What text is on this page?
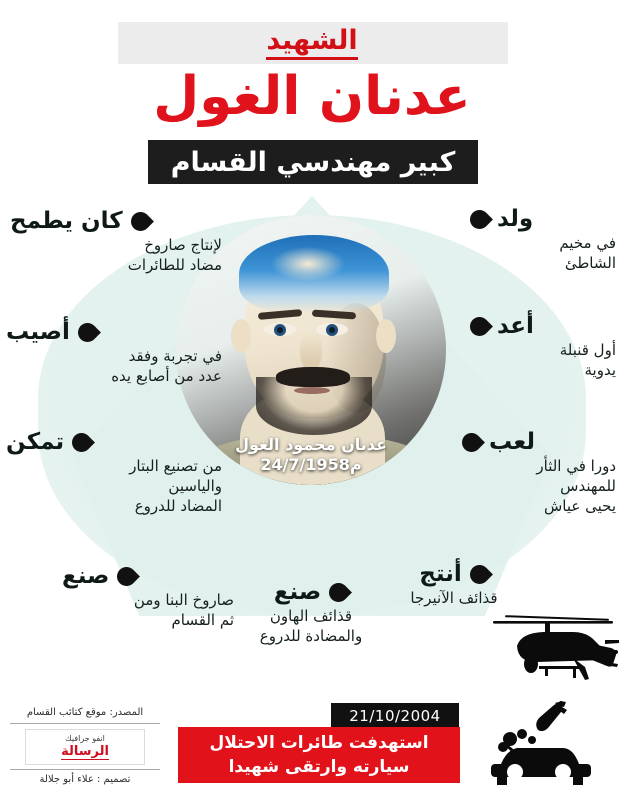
الشهيد
عدنان الغول
كبير مهندسي القسام
عدنان محمود الغول
24/7/1958م
ولد
في مخيم
الشاطئ
أعد
أول قنبلة
يدوية
لعب
دورا في الثأر
للمهندس
يحيى عياش
كان يطمح
لإنتاج صاروخ
مضاد للطائرات
أصيب
في تجربة وفقد
عدد من أصابع يده
تمكن
من تصنيع البتار
والياسين
المضاد للدروع
صنع
صاروخ البنا ومن
ثم القسام
صنع
قذائف الهاون
والمضادة للدروع
أنتج
قذائف الآنيرجا
21/10/2004
استهدفت طائرات الاحتلال
سيارته وارتقى شهيدا
المصدر: موقع كتائب القسام
انفو جرافيك
الرسالة
تصميم : علاء أبو جلالة
